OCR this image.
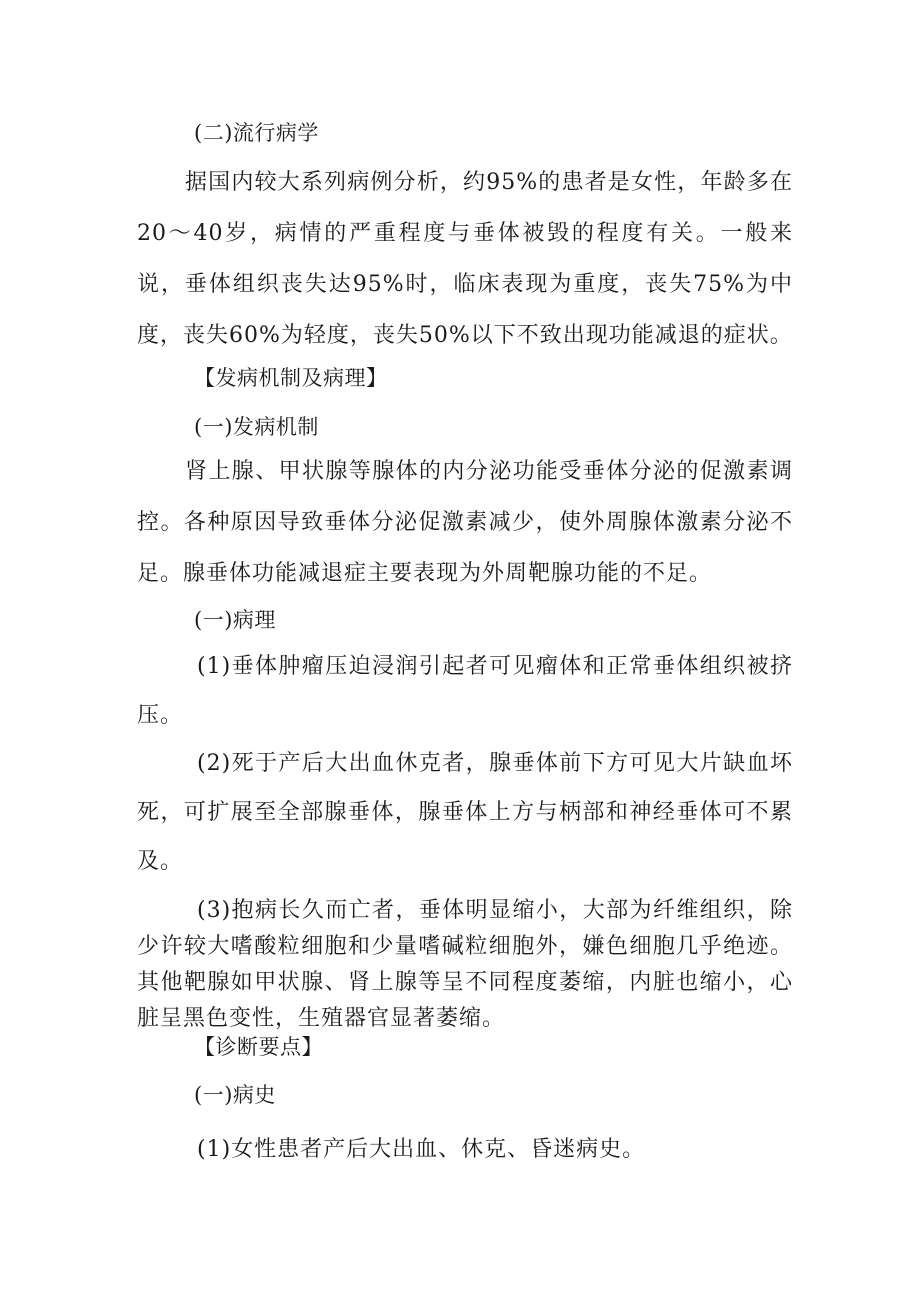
(二)流行病学

据国内较大系列病例分析，约95%的患者是女性，年龄多在20～40岁，病情的严重程度与垂体被毁的程度有关。一般来说，垂体组织丧失达95%时，临床表现为重度，丧失75%为中度，丧失60%为轻度，丧失50%以下不致出现功能减退的症状。

【发病机制及病理】

(一)发病机制

肾上腺、甲状腺等腺体的内分泌功能受垂体分泌的促激素调控。各种原因导致垂体分泌促激素减少，使外周腺体激素分泌不足。腺垂体功能减退症主要表现为外周靶腺功能的不足。

(一)病理

(1)垂体肿瘤压迫浸润引起者可见瘤体和正常垂体组织被挤压。

(2)死于产后大出血休克者，腺垂体前下方可见大片缺血坏死，可扩展至全部腺垂体，腺垂体上方与柄部和神经垂体可不累及。

(3)抱病长久而亡者，垂体明显缩小，大部为纤维组织，除少许较大嗜酸粒细胞和少量嗜碱粒细胞外，嫌色细胞几乎绝迹。其他靶腺如甲状腺、肾上腺等呈不同程度萎缩，内脏也缩小，心脏呈黑色变性，生殖器官显著萎缩。

【诊断要点】

(一)病史

(1)女性患者产后大出血、休克、昏迷病史。
